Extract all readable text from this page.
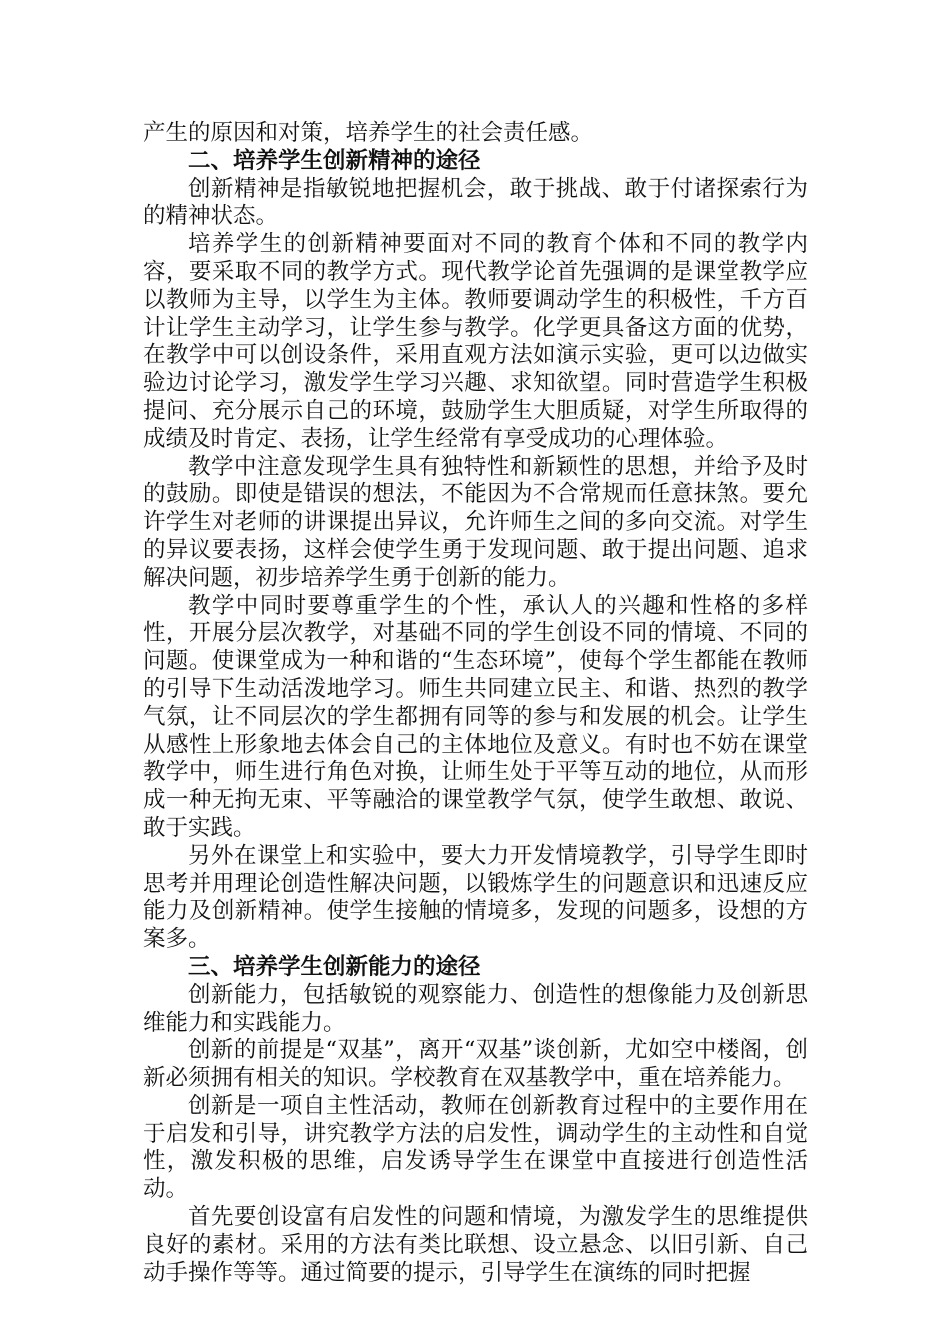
产生的原因和对策，培养学生的社会责任感。

二、培养学生创新精神的途径

创新精神是指敏锐地把握机会，敢于挑战、敢于付诸探索行为的精神状态。

培养学生的创新精神要面对不同的教育个体和不同的教学内容，要采取不同的教学方式。现代教学论首先强调的是课堂教学应以教师为主导，以学生为主体。教师要调动学生的积极性，千方百计让学生主动学习，让学生参与教学。化学更具备这方面的优势，在教学中可以创设条件，采用直观方法如演示实验，更可以边做实验边讨论学习，激发学生学习兴趣、求知欲望。同时营造学生积极提问、充分展示自己的环境，鼓励学生大胆质疑，对学生所取得的成绩及时肯定、表扬，让学生经常有享受成功的心理体验。

教学中注意发现学生具有独特性和新颖性的思想，并给予及时的鼓励。即使是错误的想法，不能因为不合常规而任意抹煞。要允许学生对老师的讲课提出异议，允许师生之间的多向交流。对学生的异议要表扬，这样会使学生勇于发现问题、敢于提出问题、追求解决问题，初步培养学生勇于创新的能力。

教学中同时要尊重学生的个性，承认人的兴趣和性格的多样性，开展分层次教学，对基础不同的学生创设不同的情境、不同的问题。使课堂成为一种和谐的“生态环境”，使每个学生都能在教师的引导下生动活泼地学习。师生共同建立民主、和谐、热烈的教学气氛，让不同层次的学生都拥有同等的参与和发展的机会。让学生从感性上形象地去体会自己的主体地位及意义。有时也不妨在课堂教学中，师生进行角色对换，让师生处于平等互动的地位，从而形成一种无拘无束、平等融洽的课堂教学气氛，使学生敢想、敢说、敢于实践。

另外在课堂上和实验中，要大力开发情境教学，引导学生即时思考并用理论创造性解决问题，以锻炼学生的问题意识和迅速反应能力及创新精神。使学生接触的情境多，发现的问题多，设想的方案多。

三、培养学生创新能力的途径

创新能力，包括敏锐的观察能力、创造性的想像能力及创新思维能力和实践能力。

创新的前提是“双基”，离开“双基”谈创新，尤如空中楼阁，创新必须拥有相关的知识。学校教育在双基教学中，重在培养能力。

创新是一项自主性活动，教师在创新教育过程中的主要作用在于启发和引导，讲究教学方法的启发性，调动学生的主动性和自觉性，激发积极的思维，启发诱导学生在课堂中直接进行创造性活动。

首先要创设富有启发性的问题和情境，为激发学生的思维提供良好的素材。采用的方法有类比联想、设立悬念、以旧引新、自己动手操作等等。通过简要的提示，引导学生在演练的同时把握
